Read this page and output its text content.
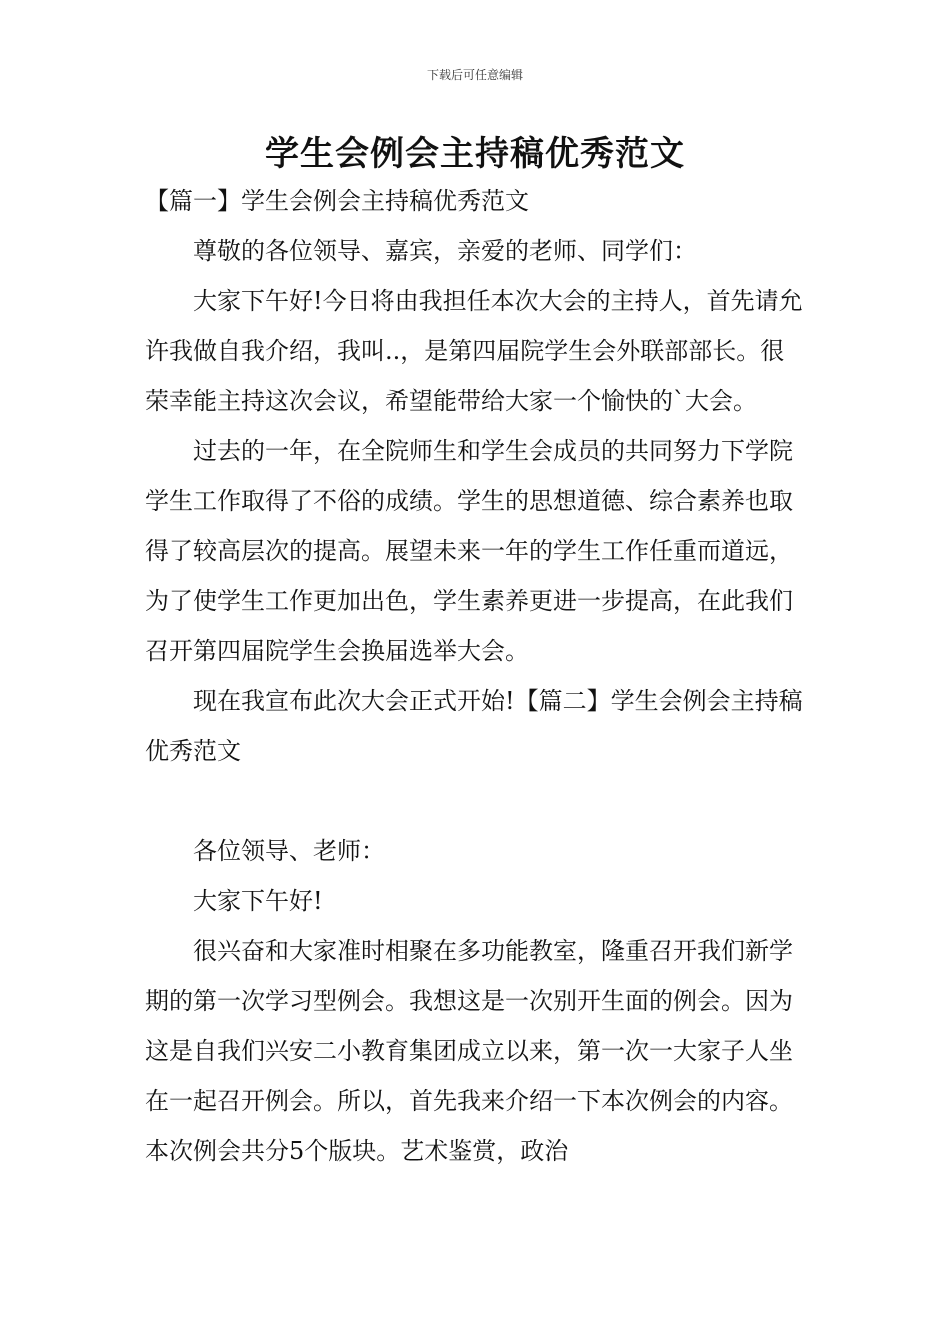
下载后可任意编辑
学生会例会主持稿优秀范文

【篇一】学生会例会主持稿优秀范文

尊敬的各位领导、嘉宾，亲爱的老师、同学们：

大家下午好!今日将由我担任本次大会的主持人，首先请允许我做自我介绍，我叫..，是第四届院学生会外联部部长。很荣幸能主持这次会议，希望能带给大家一个愉快的`大会。

过去的一年，在全院师生和学生会成员的共同努力下学院学生工作取得了不俗的成绩。学生的思想道德、综合素养也取得了较高层次的提高。展望未来一年的学生工作任重而道远，为了使学生工作更加出色，学生素养更进一步提高，在此我们召开第四届院学生会换届选举大会。

现在我宣布此次大会正式开始!【篇二】学生会例会主持稿优秀范文

各位领导、老师：

大家下午好!

很兴奋和大家准时相聚在多功能教室，隆重召开我们新学期的第一次学习型例会。我想这是一次别开生面的例会。因为这是自我们兴安二小教育集团成立以来，第一次一大家子人坐在一起召开例会。所以，首先我来介绍一下本次例会的内容。本次例会共分5个版块。艺术鉴赏，政治
